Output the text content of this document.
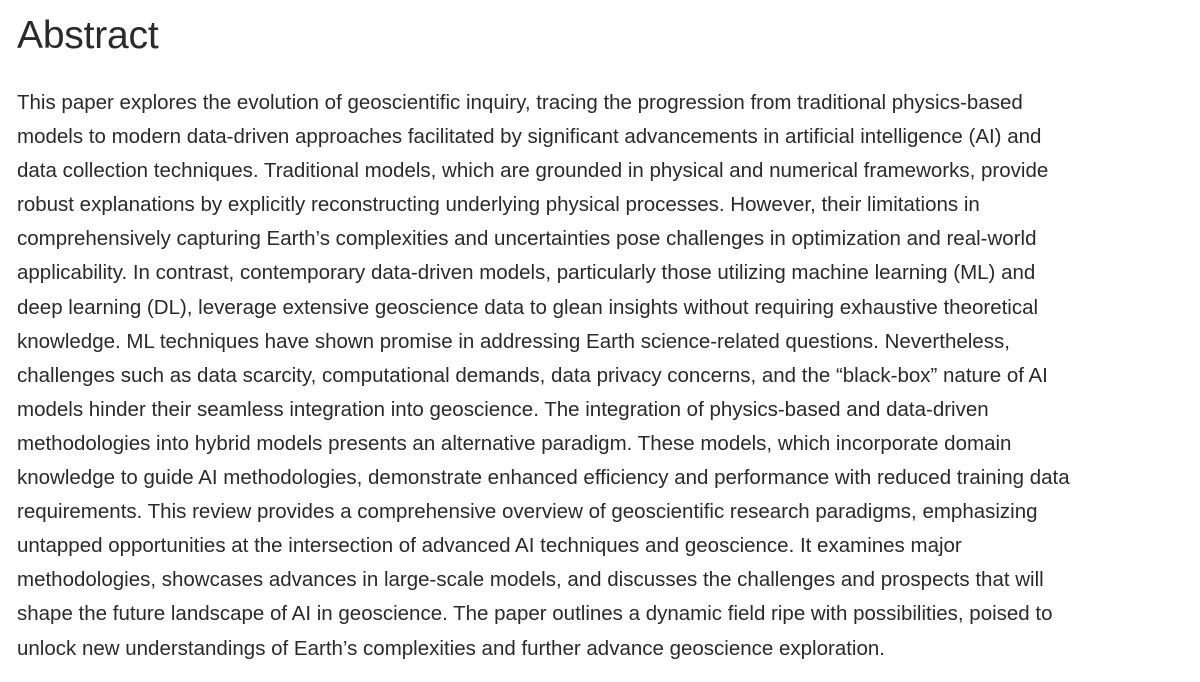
Abstract

This paper explores the evolution of geoscientific inquiry, tracing the progression from traditional physics-based
models to modern data-driven approaches facilitated by significant advancements in artificial intelligence (AI) and
data collection techniques. Traditional models, which are grounded in physical and numerical frameworks, provide
robust explanations by explicitly reconstructing underlying physical processes. However, their limitations in
comprehensively capturing Earth’s complexities and uncertainties pose challenges in optimization and real-world
applicability. In contrast, contemporary data-driven models, particularly those utilizing machine learning (ML) and
deep learning (DL), leverage extensive geoscience data to glean insights without requiring exhaustive theoretical
knowledge. ML techniques have shown promise in addressing Earth science-related questions. Nevertheless,
challenges such as data scarcity, computational demands, data privacy concerns, and the “black-box” nature of AI
models hinder their seamless integration into geoscience. The integration of physics-based and data-driven
methodologies into hybrid models presents an alternative paradigm. These models, which incorporate domain
knowledge to guide AI methodologies, demonstrate enhanced efficiency and performance with reduced training data
requirements. This review provides a comprehensive overview of geoscientific research paradigms, emphasizing
untapped opportunities at the intersection of advanced AI techniques and geoscience. It examines major
methodologies, showcases advances in large-scale models, and discusses the challenges and prospects that will
shape the future landscape of AI in geoscience. The paper outlines a dynamic field ripe with possibilities, poised to
unlock new understandings of Earth’s complexities and further advance geoscience exploration.
